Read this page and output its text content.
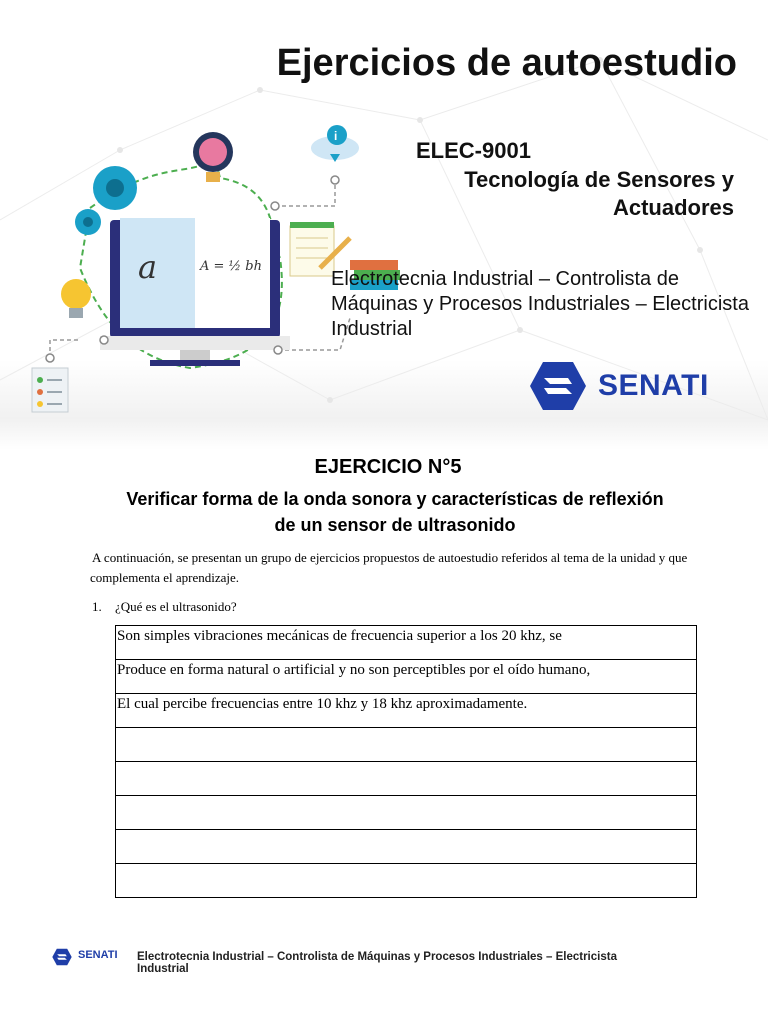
i
a	A = ½ bh
Ejercicios de autoestudio
ELEC-9001
Tecnología de Sensores y Actuadores
Electrotecnia Industrial – Controlista de Máquinas y Procesos Industriales – Electricista Industrial
SENATI
EJERCICIO N°5
Verificar forma de la onda sonora y características de reflexión de un sensor de ultrasonido
A continuación, se presentan un grupo de ejercicios propuestos de autoestudio referidos al tema de la unidad y que complementa el aprendizaje.
1. ¿Qué es el ultrasonido?
Son simples vibraciones mecánicas de frecuencia superior a los 20 khz, se
Produce en forma natural o artificial y no son perceptibles por el oído humano,
El cual percibe frecuencias entre 10 khz y 18 khz aproximadamente.
SENATI Electrotecnia Industrial – Controlista de Máquinas y Procesos Industriales – Electricista Industrial
